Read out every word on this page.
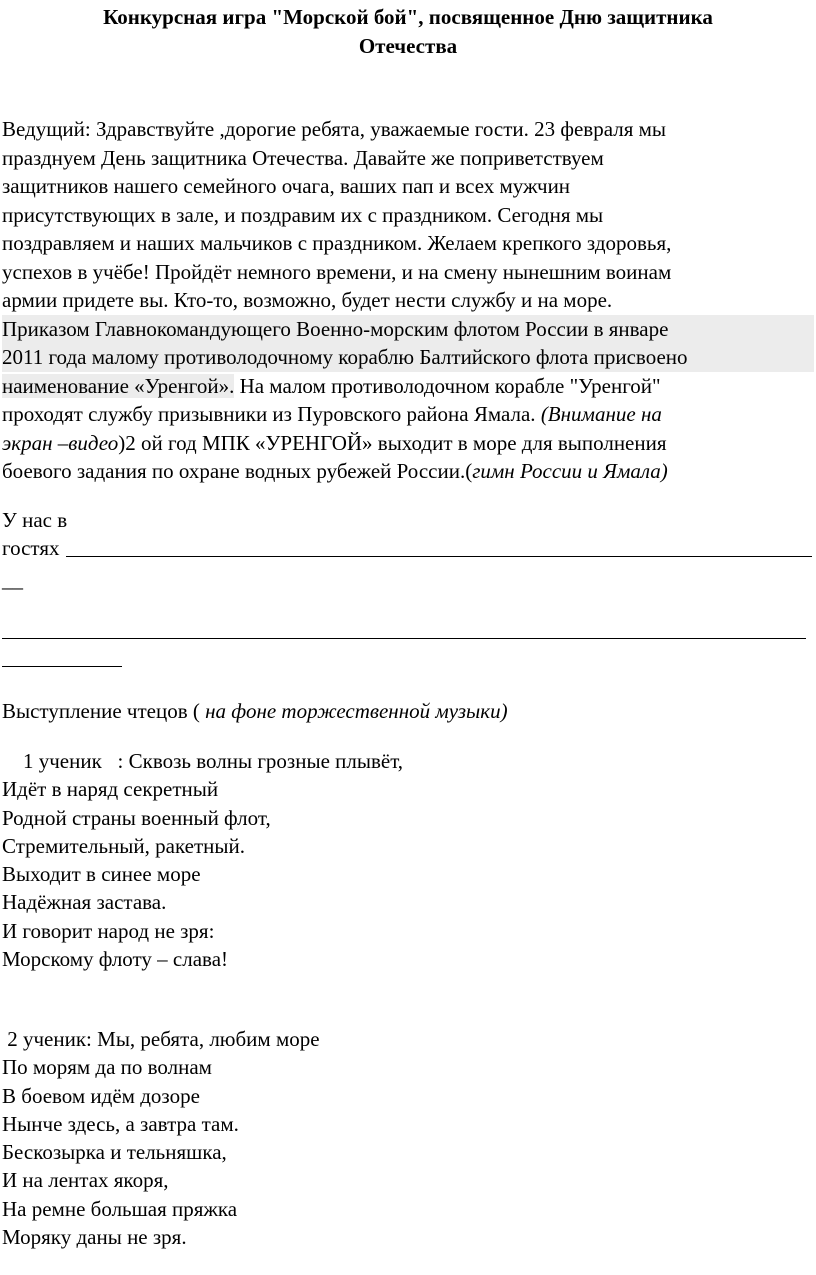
Конкурсная игра "Морской бой", посвященное Дню защитника
Отечества
Ведущий: Здравствуйте ,дорогие ребята, уважаемые гости. 23 февраля мы
празднуем День защитника Отечества. Давайте же поприветствуем
защитников нашего семейного очага, ваших пап и всех мужчин
присутствующих в зале, и поздравим их с праздником. Сегодня мы
поздравляем и наших мальчиков с праздником. Желаем крепкого здоровья,
успехов в учёбе! Пройдёт немного времени, и на смену нынешним воинам
армии придете вы. Кто-то, возможно, будет нести службу и на море.
Приказом Главнокомандующего Военно-морским флотом России в январе
2011 года малому противолодочному кораблю Балтийского флота присвоено
наименование «Уренгой». На малом противолодочном корабле "Уренгой"
проходят службу призывники из Пуровского района Ямала. (Внимание на
экран –видео)2 ой год МПК «УРЕНГОЙ» выходит в море для выполнения
боевого задания по охране водных рубежей России.(гимн России и Ямала)
У нас в
гостях
__
Выступление чтецов ( на фоне торжественной музыки)
1 ученик   : Сквозь волны грозные плывёт,
Идёт в наряд секретный
Родной страны военный флот,
Стремительный, ракетный.
Выходит в синее море
Надёжная застава.
И говорит народ не зря:
Морскому флоту – слава!
2 ученик: Мы, ребята, любим море
По морям да по волнам
В боевом идём дозоре
Нынче здесь, а завтра там.
Бескозырка и тельняшка,
И на лентах якоря,
На ремне большая пряжка
Моряку даны не зря.
